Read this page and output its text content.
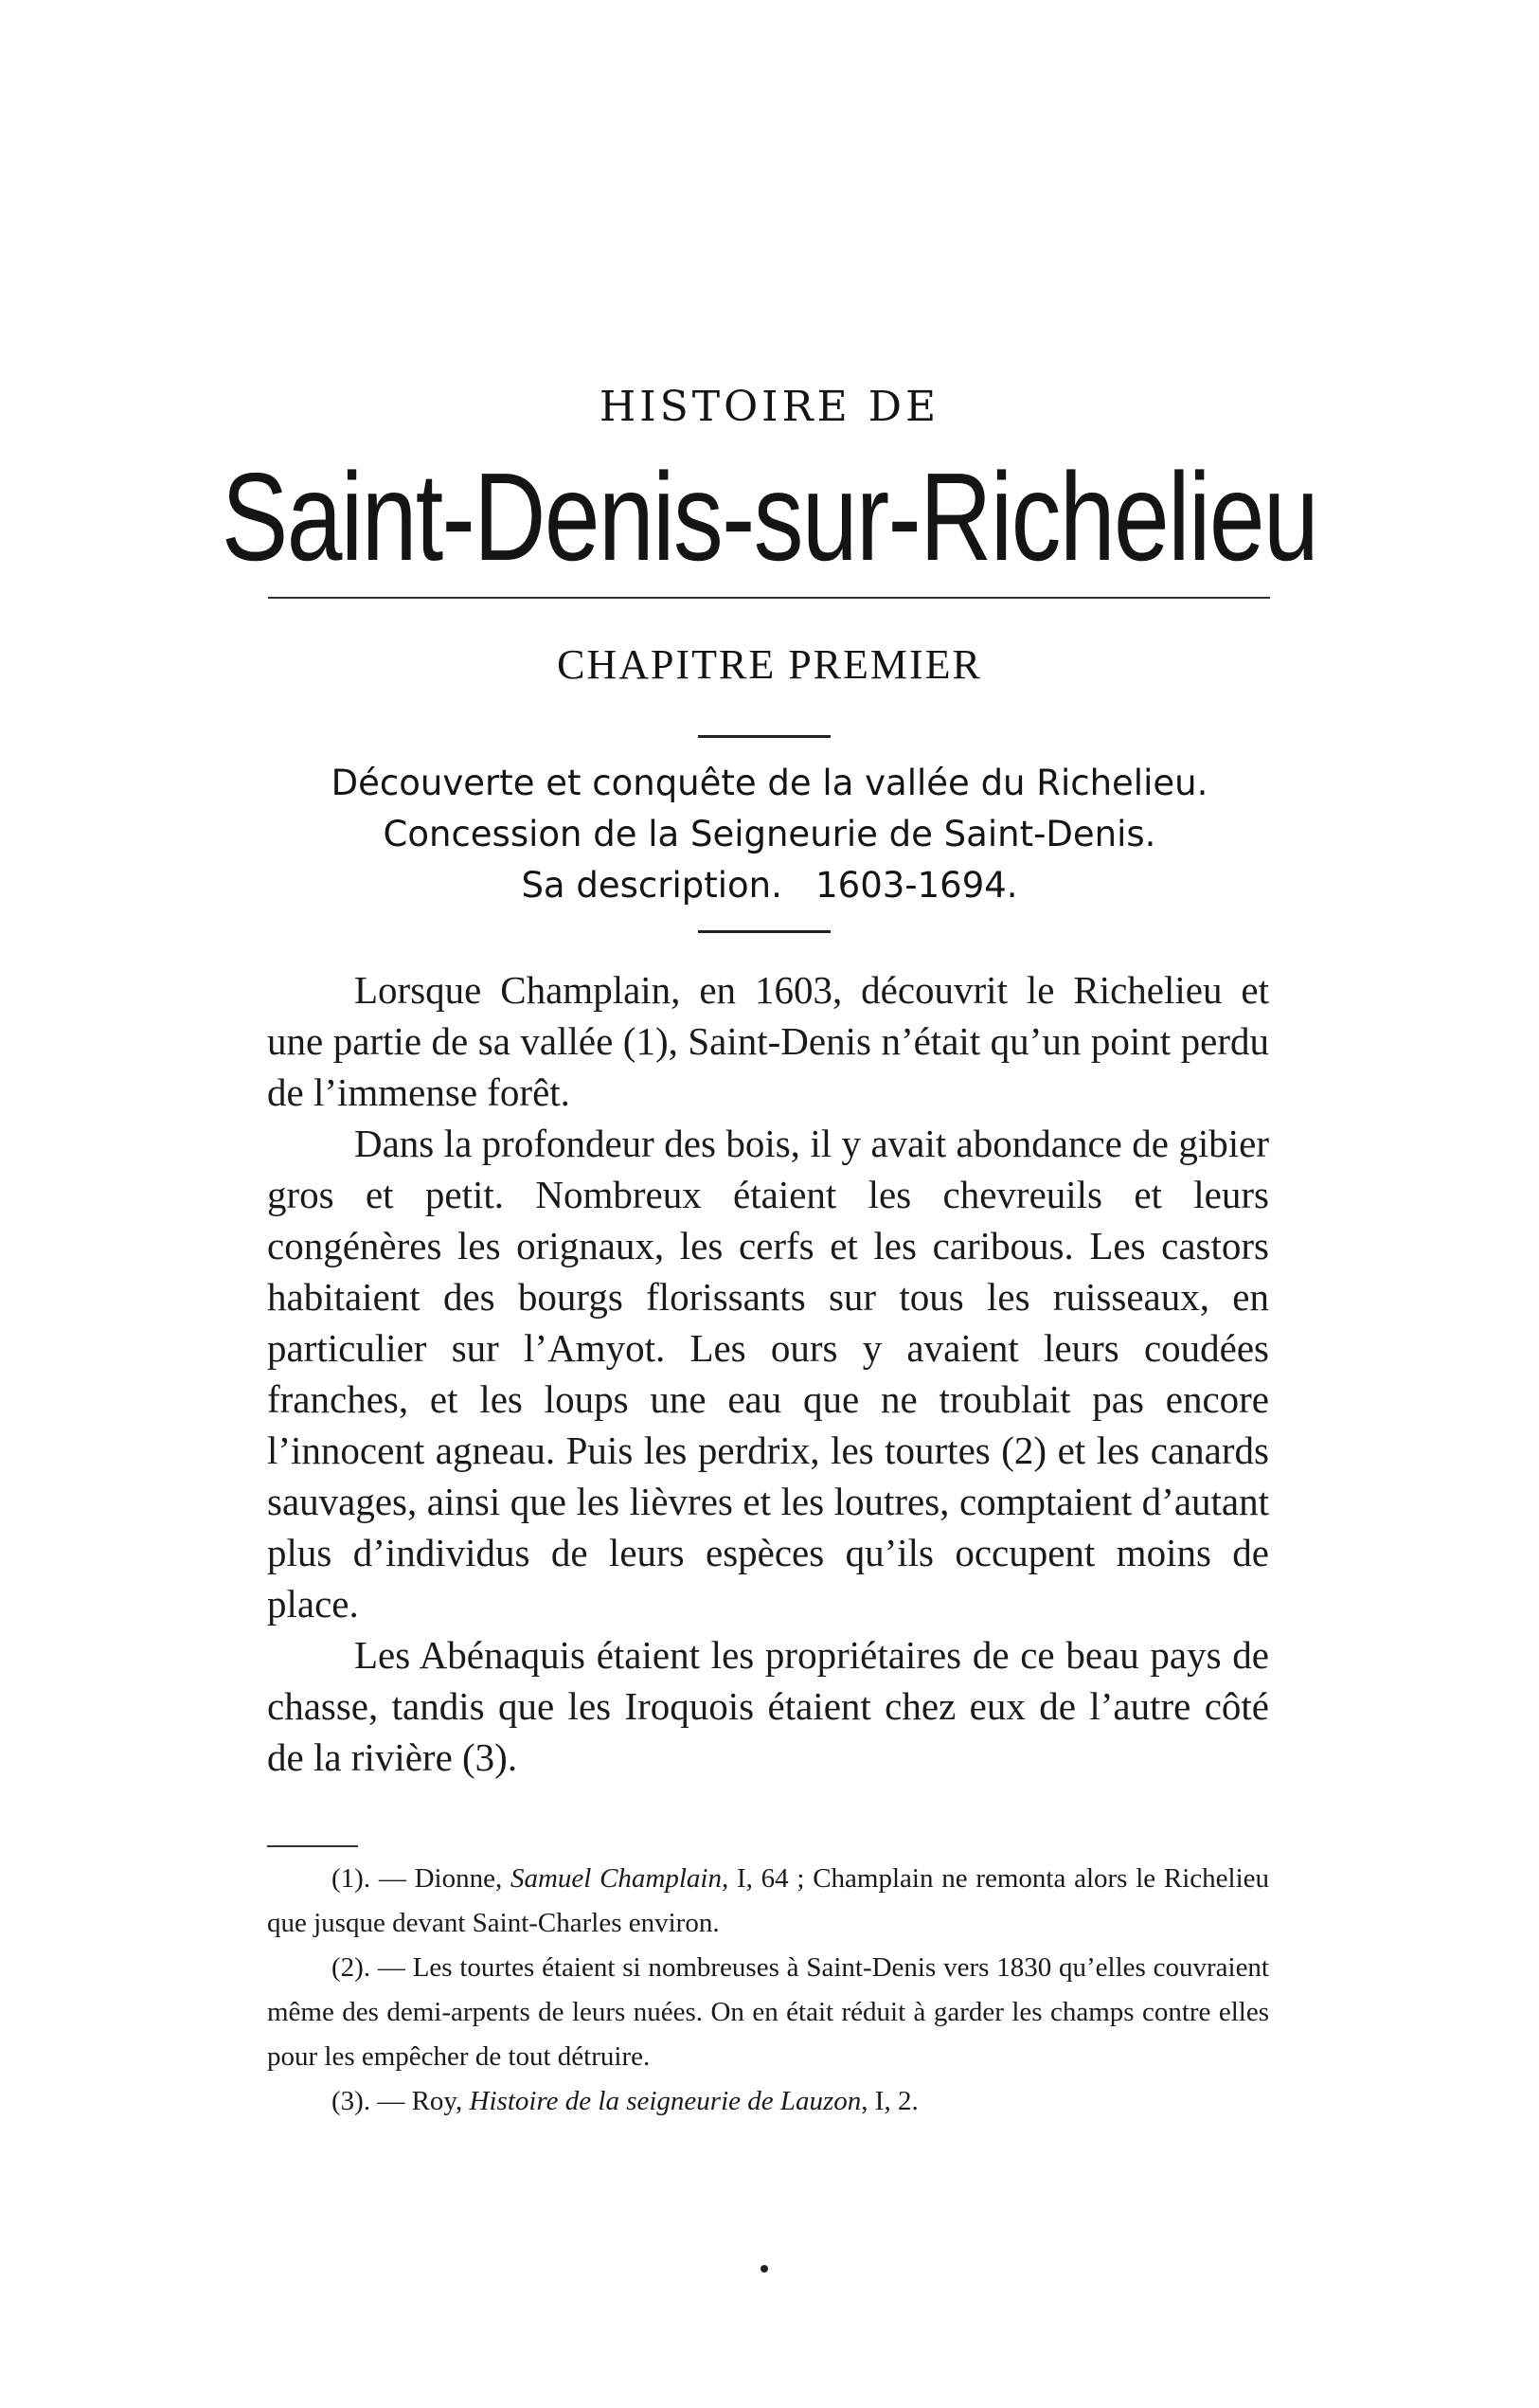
HISTOIRE DE
Saint-Denis-sur-Richelieu
CHAPITRE PREMIER
Découverte et conquête de la vallée du Richelieu.
Concession de la Seigneurie de Saint-Denis.
Sa description.   1603-1694.

Lorsque Champlain, en 1603, découvrit le Richelieu et une partie de sa vallée (1), Saint-Denis n’était qu’un point perdu de l’immense forêt.

Dans la profondeur des bois, il y avait abondance de gibier gros et petit. Nombreux étaient les chevreuils et leurs congénères les orignaux, les cerfs et les caribous. Les castors habitaient des bourgs florissants sur tous les ruisseaux, en particulier sur l’Amyot. Les ours y avaient leurs coudées franches, et les loups une eau que ne troublait pas encore l’innocent agneau. Puis les perdrix, les tourtes (2) et les canards sauvages, ainsi que les lièvres et les loutres, comptaient d’autant plus d’individus de leurs espèces qu’ils occupent moins de place.

Les Abénaquis étaient les propriétaires de ce beau pays de chasse, tandis que les Iroquois étaient chez eux de l’autre côté de la rivière (3).

(1). — Dionne, Samuel Champlain, I, 64 ; Champlain ne remonta alors le Richelieu que jusque devant Saint-Charles environ.

(2). — Les tourtes étaient si nombreuses à Saint-Denis vers 1830 qu’elles couvraient même des demi-arpents de leurs nuées. On en était réduit à garder les champs contre elles pour les empêcher de tout détruire.

(3). — Roy, Histoire de la seigneurie de Lauzon, I, 2.
